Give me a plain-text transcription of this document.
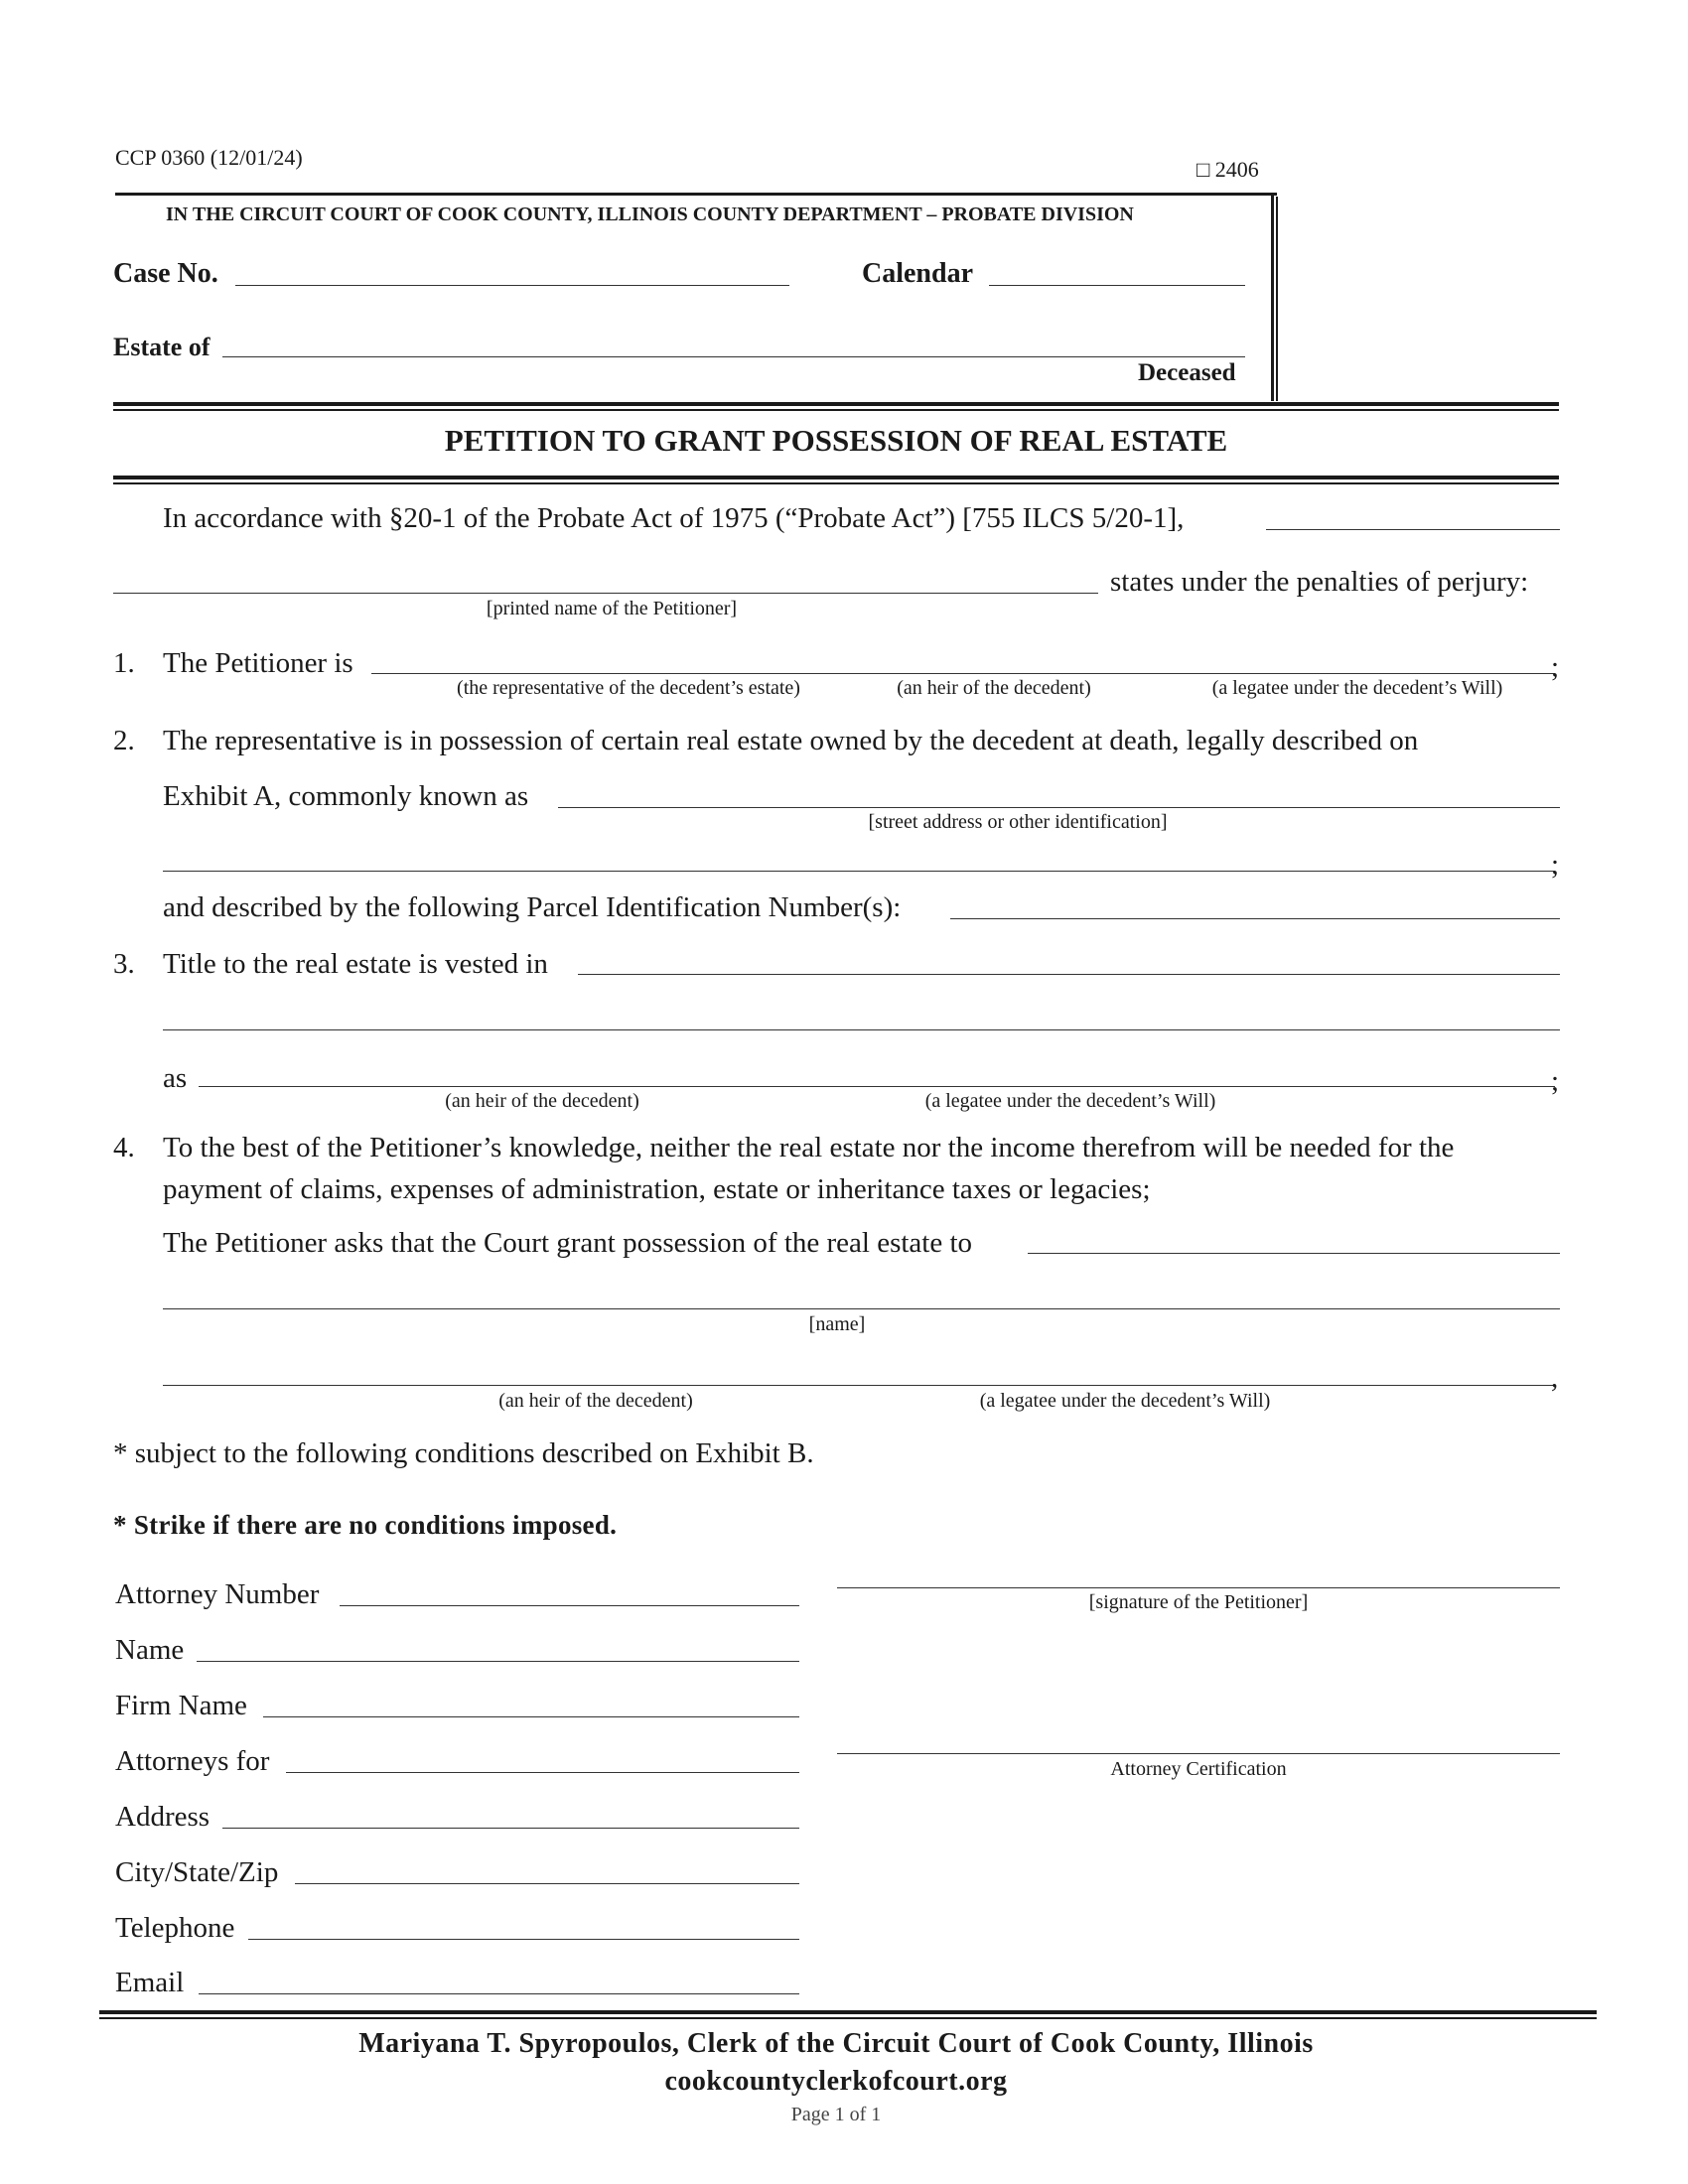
CCP 0360 (12/01/24)	□ 2406
IN THE CIRCUIT COURT OF COOK COUNTY, ILLINOIS COUNTY DEPARTMENT – PROBATE DIVISION
Case No.	Calendar
Estate of
Deceased
PETITION TO GRANT POSSESSION OF REAL ESTATE
In accordance with §20-1 of the Probate Act of 1975 (“Probate Act”) [755 ILCS 5/20-1],
states under the penalties of perjury:
[printed name of the Petitioner]
1. The Petitioner is	;
(the representative of the decedent’s estate)	(an heir of the decedent)	(a legatee under the decedent’s Will)
2. The representative is in possession of certain real estate owned by the decedent at death, legally described on
Exhibit A, commonly known as
[street address or other identification]
;
and described by the following Parcel Identification Number(s):
3. Title to the real estate is vested in
as	;
(an heir of the decedent)	(a legatee under the decedent’s Will)
4. To the best of the Petitioner’s knowledge, neither the real estate nor the income therefrom will be needed for the
payment of claims, expenses of administration, estate or inheritance taxes or legacies;
The Petitioner asks that the Court grant possession of the real estate to
[name]
,
(an heir of the decedent)	(a legatee under the decedent’s Will)
* subject to the following conditions described on Exhibit B.
* Strike if there are no conditions imposed.
Attorney Number
Name
Firm Name
Attorneys for
Address
City/State/Zip
Telephone
Email
[signature of the Petitioner]
Attorney Certification
Mariyana T. Spyropoulos, Clerk of the Circuit Court of Cook County, Illinois
cookcountyclerkofcourt.org
Page 1 of 1
